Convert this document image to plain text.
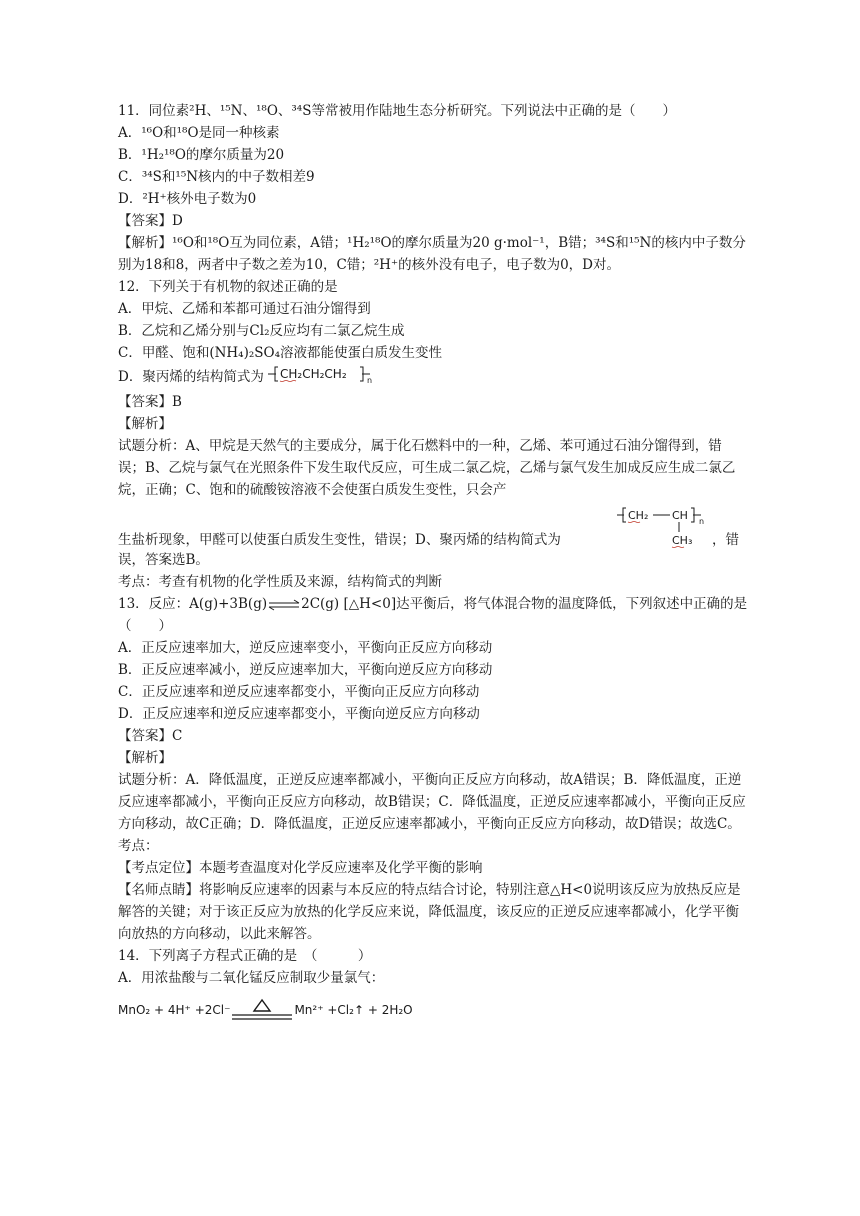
11．同位素²H、¹⁵N、¹⁸O、³⁴S等常被用作陆地生态分析研究。下列说法中正确的是（　　）
A．¹⁶O和¹⁸O是同一种核素
B．¹H₂¹⁸O的摩尔质量为20
C．³⁴S和¹⁵N核内的中子数相差9
D．²H⁺核外电子数为0
【答案】D
【解析】¹⁶O和¹⁸O互为同位素，A错；¹H₂¹⁸O的摩尔质量为20 g·mol⁻¹，B错；³⁴S和¹⁵N的核内中子数分别为18和8，两者中子数之差为10，C错；²H⁺的核外没有电子，电子数为0，D对。
12．下列关于有机物的叙述正确的是
A．甲烷、乙烯和苯都可通过石油分馏得到
B．乙烷和乙烯分别与Cl₂反应均有二氯乙烷生成
C．甲醛、饱和(NH₄)₂SO₄溶液都能使蛋白质发生变性
D．聚丙烯的结构简式为 CH₂CH₂CH₂	n
【答案】B
【解析】
试题分析：A、甲烷是天然气的主要成分，属于化石燃料中的一种，乙烯、苯可通过石油分馏得到，错误；B、乙烷与氯气在光照条件下发生取代反应，可生成二氯乙烷，乙烯与氯气发生加成反应生成二氯乙烷，正确；C、饱和的硫酸铵溶液不会使蛋白质发生变性，只会产
生盐析现象，甲醛可以使蛋白质发生变性，错误；D、聚丙烯的结构简式为
CH₂ CH n
CH₃ ，错
误，答案选B。
考点：考查有机物的化学性质及来源，结构简式的判断
13．反应：A(g)+3B(g)⇌2C(g) [△H<0]达平衡后，将气体混合物的温度降低，下列叙述中正确的是（　　）
A．正反应速率加大，逆反应速率变小，平衡向正反应方向移动
B．正反应速率减小，逆反应速率加大，平衡向逆反应方向移动
C．正反应速率和逆反应速率都变小，平衡向正反应方向移动
D．正反应速率和逆反应速率都变小，平衡向逆反应方向移动
【答案】C
【解析】
试题分析：A．降低温度，正逆反应速率都减小，平衡向正反应方向移动，故A错误；B．降低温度，正逆反应速率都减小，平衡向正反应方向移动，故B错误；C．降低温度，正逆反应速率都减小，平衡向正反应方向移动，故C正确；D．降低温度，正逆反应速率都减小，平衡向正反应方向移动，故D错误；故选C。
考点：
【考点定位】本题考查温度对化学反应速率及化学平衡的影响
【名师点睛】将影响反应速率的因素与本反应的特点结合讨论，特别注意△H<0说明该反应为放热反应是解答的关键；对于该正反应为放热的化学反应来说，降低温度，该反应的正逆反应速率都减小，化学平衡向放热的方向移动，以此来解答。
14．下列离子方程式正确的是　（　　　）
A．用浓盐酸与二氧化锰反应制取少量氯气：
MnO₂ + 4H⁺ +2Cl⁻	Mn²⁺ +Cl₂↑ + 2H₂O
